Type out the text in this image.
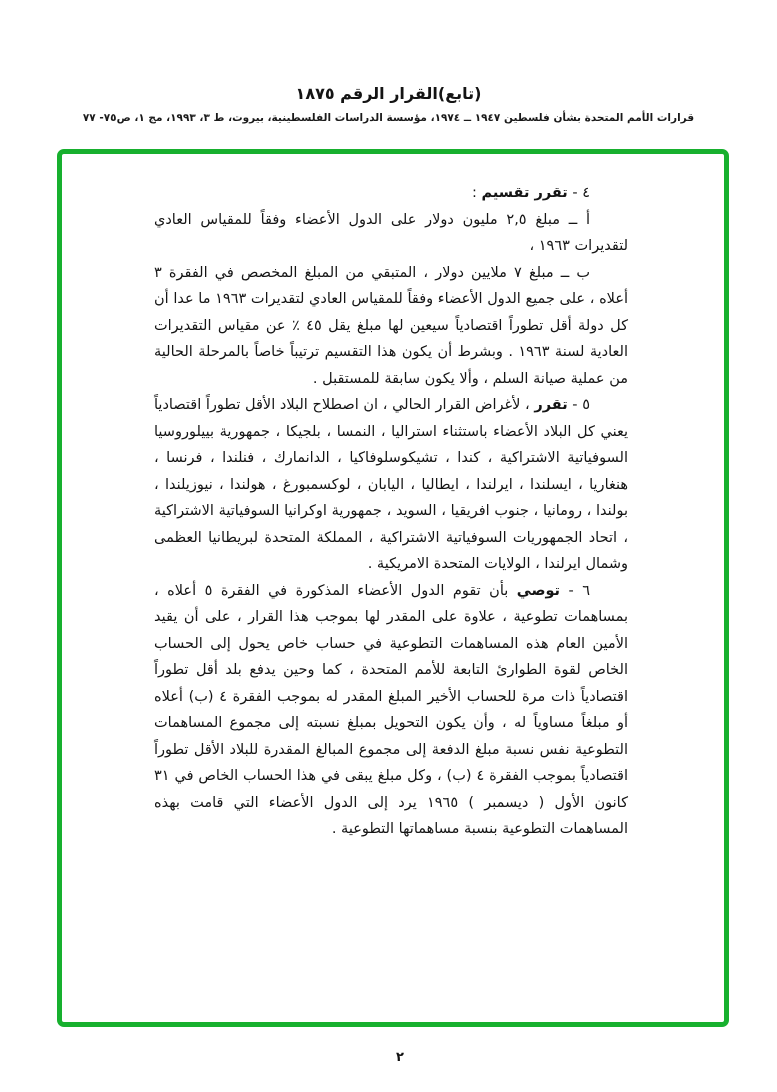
(تابع)القرار الرقم ١٨٧٥
قرارات الأمم المتحدة بشأن فلسطين ١٩٤٧ ــ ١٩٧٤، مؤسسة الدراسات الفلسطينية، بيروت، ط ٣، ١٩٩٣، مج ١، ص٧٥- ٧٧

٤ - تقرر تقسيم :

أ ــ مبلغ ٢,٥ مليون دولار على الدول الأعضاء وفقاً للمقياس العادي لتقديرات ١٩٦٣ ،

ب ــ مبلغ ٧ ملايين دولار ، المتبقي من المبلغ المخصص في الفقرة ٣ أعلاه ، على جميع الدول الأعضاء وفقاً للمقياس العادي لتقديرات ١٩٦٣ ما عدا أن كل دولة أقل تطوراً اقتصادياً سيعين لها مبلغ يقل ٤٥ ٪ عن مقياس التقديرات العادية لسنة ١٩٦٣ . وبشرط أن يكون هذا التقسيم ترتيباً خاصاً بالمرحلة الحالية من عملية صيانة السلم ، وألا يكون سابقة للمستقبل .

٥ - تقرر ، لأغراض القرار الحالي ، ان اصطلاح البلاد الأقل تطوراً اقتصادياً يعني كل البلاد الأعضاء باستثناء استراليا ، النمسا ، بلجيكا ، جمهورية بييلوروسيا السوفياتية الاشتراكية ، كندا ، تشيكوسلوفاكيا ، الدانمارك ، فنلندا ، فرنسا ، هنغاريا ، ايسلندا ، ايرلندا ، ايطاليا ، اليابان ، لوكسمبورغ ، هولندا ، نيوزيلندا ، بولندا ، رومانيا ، جنوب افريقيا ، السويد ، جمهورية اوكرانيا السوفياتية الاشتراكية ، اتحاد الجمهوريات السوفياتية الاشتراكية ، المملكة المتحدة لبريطانيا العظمى وشمال ايرلندا ، الولايات المتحدة الامريكية .

٦ - توصي بأن تقوم الدول الأعضاء المذكورة في الفقرة ٥ أعلاه ، بمساهمات تطوعية ، علاوة على المقدر لها بموجب هذا القرار ، على أن يقيد الأمين العام هذه المساهمات التطوعية في حساب خاص يحول إلى الحساب الخاص لقوة الطوارئ التابعة للأمم المتحدة ، كما وحين يدفع بلد أقل تطوراً اقتصادياً ذات مرة للحساب الأخير المبلغ المقدر له بموجب الفقرة ٤ (ب) أعلاه أو مبلغاً مساوياً له ، وأن يكون التحويل بمبلغ نسبته إلى مجموع المساهمات التطوعية نفس نسبة مبلغ الدفعة إلى مجموع المبالغ المقدرة للبلاد الأقل تطوراً اقتصادياً بموجب الفقرة ٤ (ب) ، وكل مبلغ يبقى في هذا الحساب الخاص في ٣١ كانون الأول ( ديسمبر ) ١٩٦٥ يرد إلى الدول الأعضاء التي قامت بهذه المساهمات التطوعية بنسبة مساهماتها التطوعية .

٢
